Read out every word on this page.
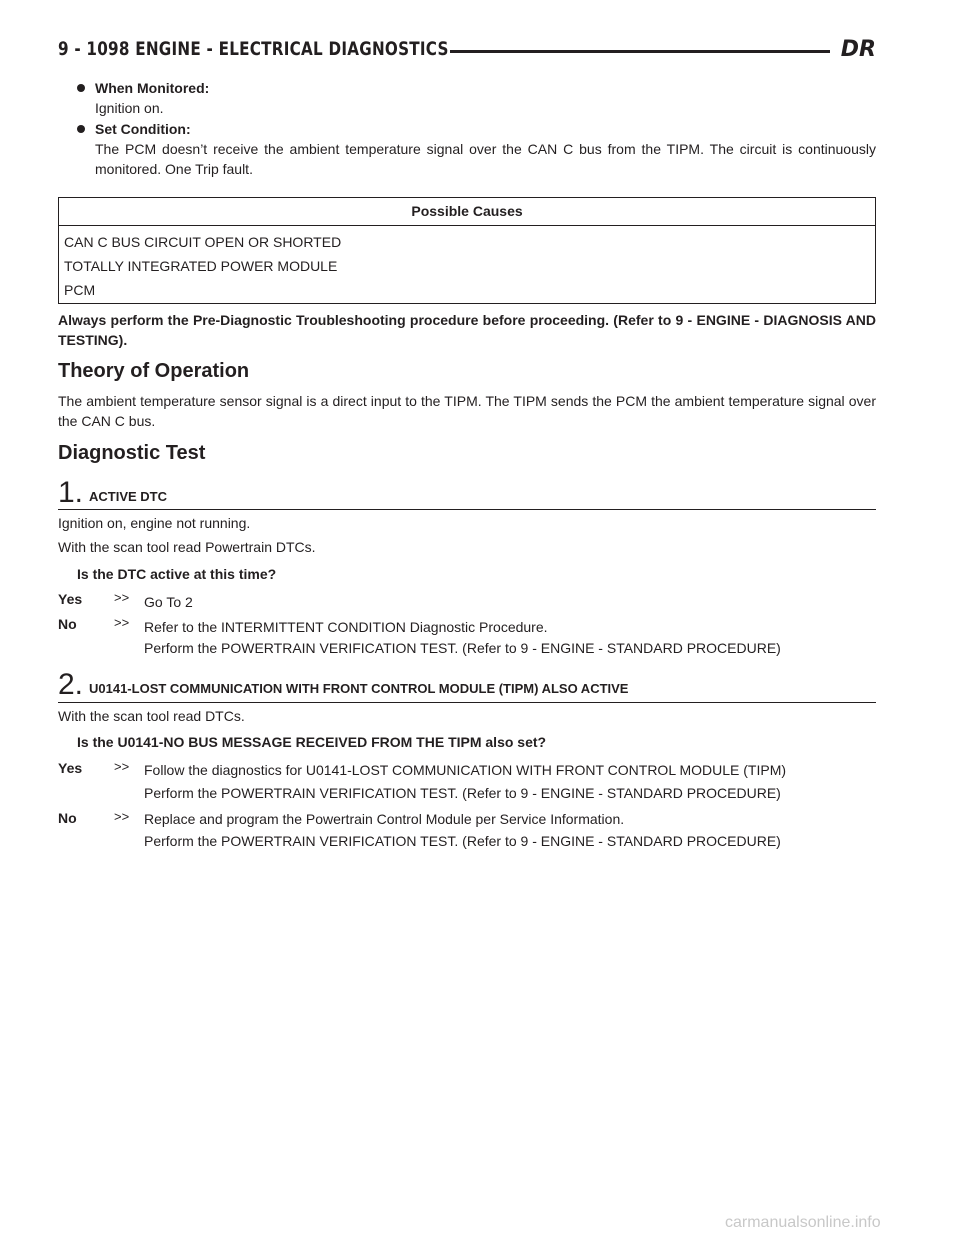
9 - 1098 ENGINE - ELECTRICAL DIAGNOSTICS	DR
When Monitored:
Ignition on.
Set Condition:
The PCM doesn’t receive the ambient temperature signal over the CAN C bus from the TIPM. The circuit is continuously monitored. One Trip fault.
Possible Causes
CAN C BUS CIRCUIT OPEN OR SHORTED
TOTALLY INTEGRATED POWER MODULE
PCM
Always perform the Pre-Diagnostic Troubleshooting procedure before proceeding. (Refer to 9 - ENGINE - DIAGNOSIS AND TESTING).
Theory of Operation
The ambient temperature sensor signal is a direct input to the TIPM. The TIPM sends the PCM the ambient temperature signal over the CAN C bus.
Diagnostic Test
1. ACTIVE DTC
Ignition on, engine not running.
With the scan tool read Powertrain DTCs.
Is the DTC active at this time?
Yes >> Go To 2
No	>> Refer to the INTERMITTENT CONDITION Diagnostic Procedure.
Perform the POWERTRAIN VERIFICATION TEST. (Refer to 9 - ENGINE - STANDARD PROCEDURE)
2. U0141-LOST COMMUNICATION WITH FRONT CONTROL MODULE (TIPM) ALSO ACTIVE
With the scan tool read DTCs.
Is the U0141-NO BUS MESSAGE RECEIVED FROM THE TIPM also set?
Yes >> Follow the diagnostics for U0141-LOST COMMUNICATION WITH FRONT CONTROL MODULE (TIPM)
Perform the POWERTRAIN VERIFICATION TEST. (Refer to 9 - ENGINE - STANDARD PROCEDURE)
No	>> Replace and program the Powertrain Control Module per Service Information.
Perform the POWERTRAIN VERIFICATION TEST. (Refer to 9 - ENGINE - STANDARD PROCEDURE)
carmanualsonline.info
